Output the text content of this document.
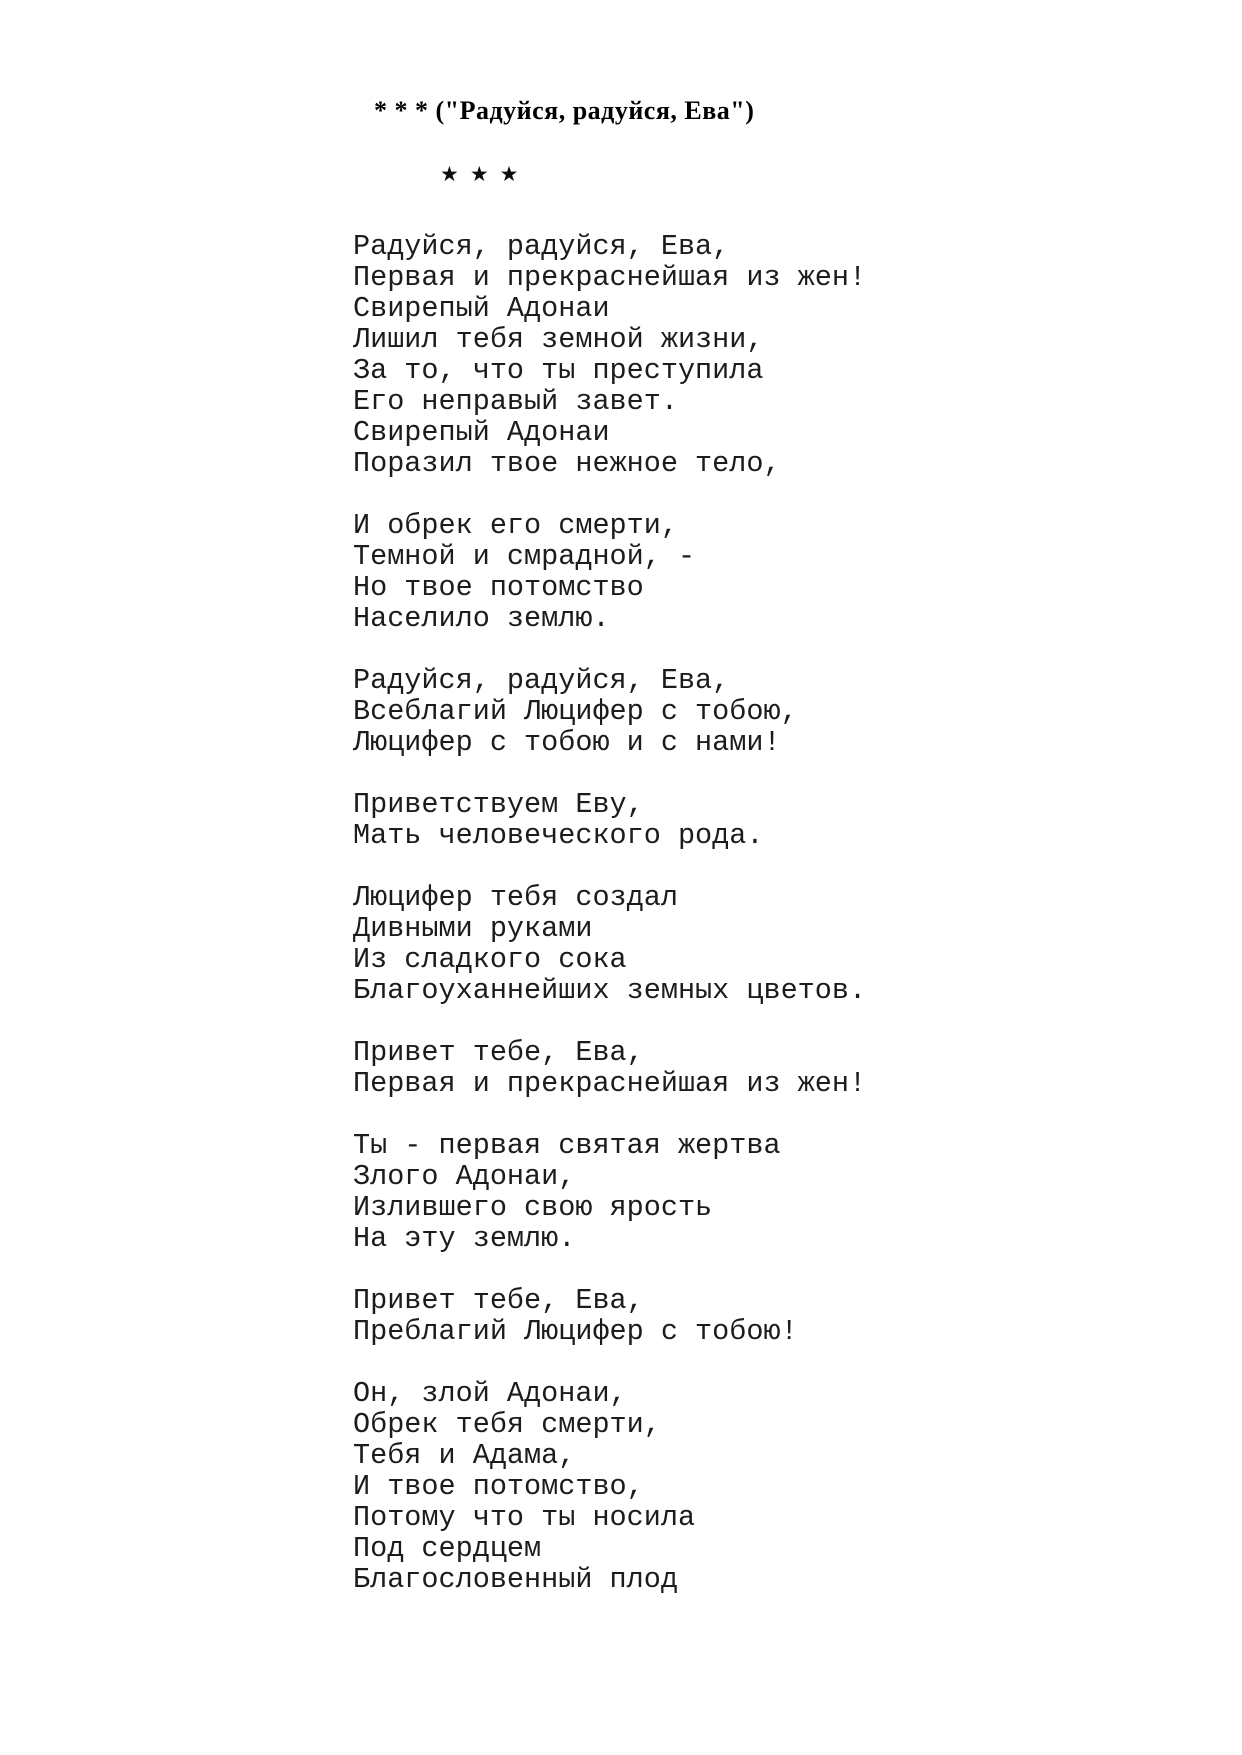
* * * ("Радуйся, радуйся, Ева")
★ ★ ★
Радуйся, радуйся, Ева,
Первая и прекраснейшая из жен!
Свирепый Адонаи
Лишил тебя земной жизни,
За то, что ты преступила
Его неправый завет.
Свирепый Адонаи
Поразил твое нежное тело,
И обрек его смерти,
Темной и смрадной, -
Но твое потомство
Населило землю.
Радуйся, радуйся, Ева,
Всеблагий Люцифер с тобою,
Люцифер с тобою и с нами!
Приветствуем Еву,
Мать человеческого рода.
Люцифер тебя создал
Дивными руками
Из сладкого сока
Благоуханнейших земных цветов.
Привет тебе, Ева,
Первая и прекраснейшая из жен!
Ты - первая святая жертва
Злого Адонаи,
Излившего свою ярость
На эту землю.
Привет тебе, Ева,
Преблагий Люцифер с тобою!
Он, злой Адонаи,
Обрек тебя смерти,
Тебя и Адама,
И твое потомство,
Потому что ты носила
Под сердцем
Благословенный плод
